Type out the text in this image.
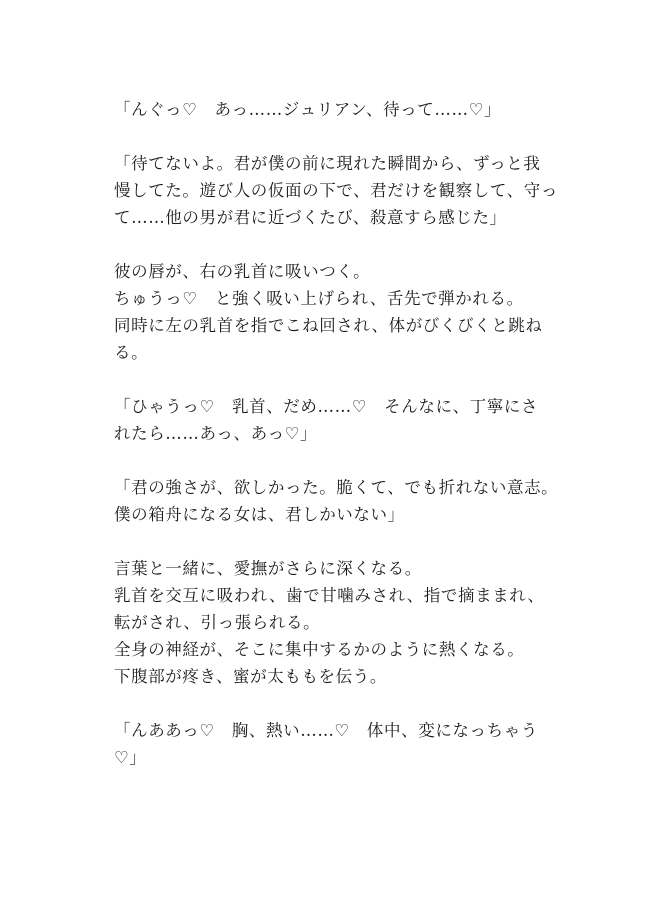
「んぐっ♡　あっ……ジュリアン、待って……♡」
「待てないよ。君が僕の前に現れた瞬間から、ずっと我
慢してた。遊び人の仮面の下で、君だけを観察して、守っ
て……他の男が君に近づくたび、殺意すら感じた」
彼の唇が、右の乳首に吸いつく。
ちゅうっ♡　と強く吸い上げられ、舌先で弾かれる。
同時に左の乳首を指でこね回され、体がびくびくと跳ね
る。
「ひゃうっ♡　乳首、だめ……♡　そんなに、丁寧にさ
れたら……あっ、あっ♡」
「君の強さが、欲しかった。脆くて、でも折れない意志。
僕の箱舟になる女は、君しかいない」
言葉と一緒に、愛撫がさらに深くなる。
乳首を交互に吸われ、歯で甘噛みされ、指で摘ままれ、
転がされ、引っ張られる。
全身の神経が、そこに集中するかのように熱くなる。
下腹部が疼き、蜜が太ももを伝う。
「んああっ♡　胸、熱い……♡　体中、変になっちゃう
♡」
